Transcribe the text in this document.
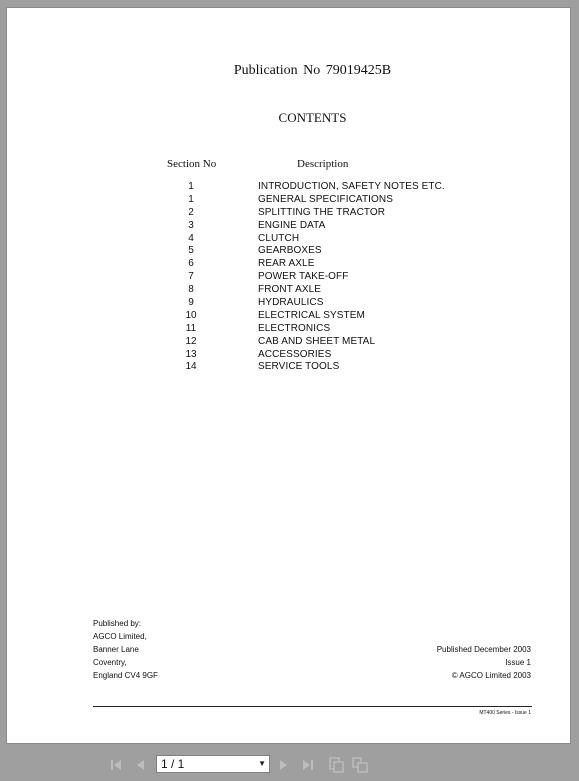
Publication No 79019425B
CONTENTS
Section No	Description
1	INTRODUCTION, SAFETY NOTES ETC.
1	GENERAL SPECIFICATIONS
2	SPLITTING THE TRACTOR
3	ENGINE DATA
4	CLUTCH
5	GEARBOXES
6	REAR AXLE
7	POWER TAKE-OFF
8	FRONT AXLE
9	HYDRAULICS
10	ELECTRICAL SYSTEM
11	ELECTRONICS
12	CAB AND SHEET METAL
13	ACCESSORIES
14	SERVICE TOOLS
Published by:
AGCO Limited,
Banner Lane
Coventry,
England CV4 9GF
Published December 2003
Issue 1
© AGCO Limited 2003
MT400 Series - Issue 1
1 / 1	▼
